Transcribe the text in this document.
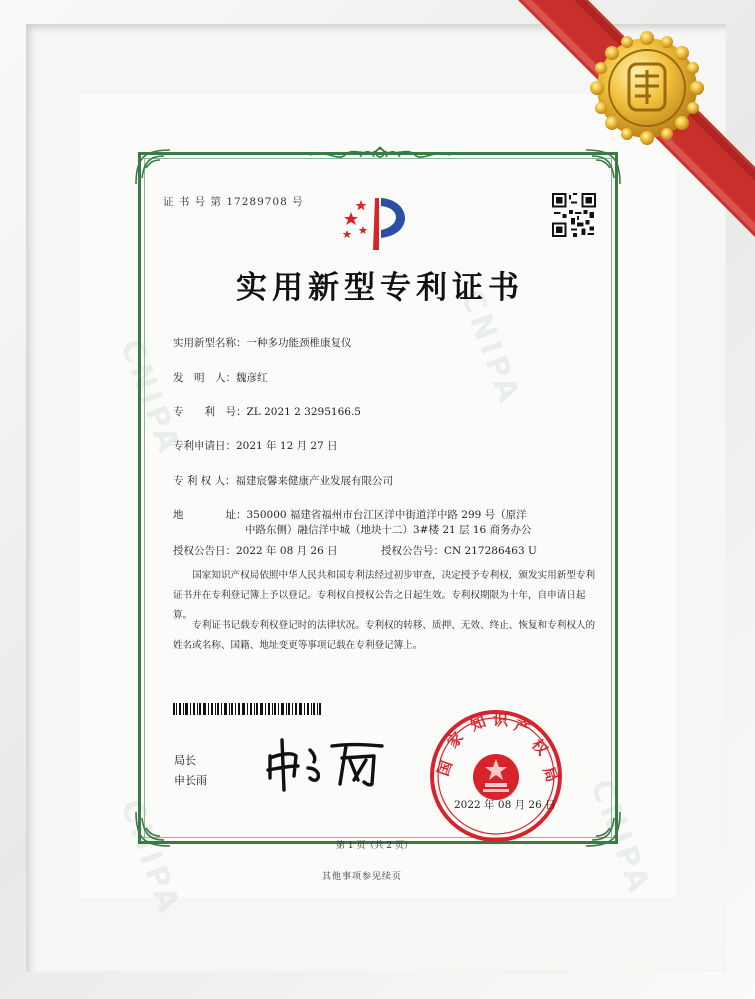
CNIPA
CNIPA
CNIPA	CNIPA
证 书 号 第 17289708 号
实用新型专利证书
实用新型名称：一种多功能颈椎康复仪
发　明　人：魏彦红
专　　利　号：ZL 2021 2 3295166.5
专利申请日：2021 年 12 月 27 日
专 利 权 人：福建宸馨来健康产业发展有限公司
地　　　　址：350000 福建省福州市台江区洋中街道洋中路 299 号（原洋
中路东侧）融信洋中城（地块十二）3#楼 21 层 16 商务办公
授权公告日：2022 年 08 月 26 日	授权公告号：CN 217286463 U
国家知识产权局依照中华人民共和国专利法经过初步审查，决定授予专利权，颁发实用新型专利证书并在专利登记簿上予以登记。专利权自授权公告之日起生效。专利权期限为十年，自申请日起算。
专利证书记载专利权登记时的法律状况。专利权的转移、质押、无效、终止、恢复和专利权人的姓名或名称、国籍、地址变更等事项记载在专利登记簿上。
局长
申长雨
国
家
知 识 产
权
局
2022 年 08 月 26 日
第 1 页（共 2 页）
其他事项参见续页
